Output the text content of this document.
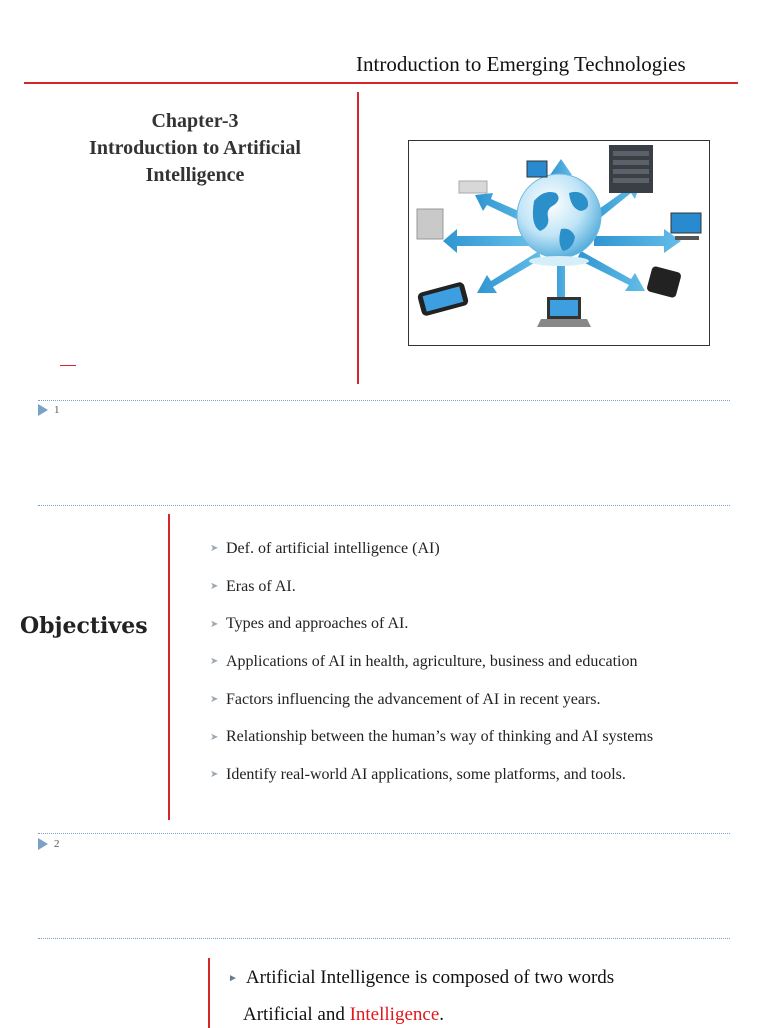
Introduction to Emerging Technologies
Chapter-3
Introduction to Artificial
Intelligence
1
Objectives
➤ Def. of artificial intelligence (AI)
➤ Eras of AI.
➤ Types and approaches of AI.
➤ Applications of AI in health, agriculture, business and education
➤ Factors influencing the advancement of AI in recent years.
➤ Relationship between the human’s way of thinking and AI systems
➤ Identify real-world AI applications, some platforms, and tools.
2
► Artificial Intelligence is composed of two words
Artificial and Intelligence.
